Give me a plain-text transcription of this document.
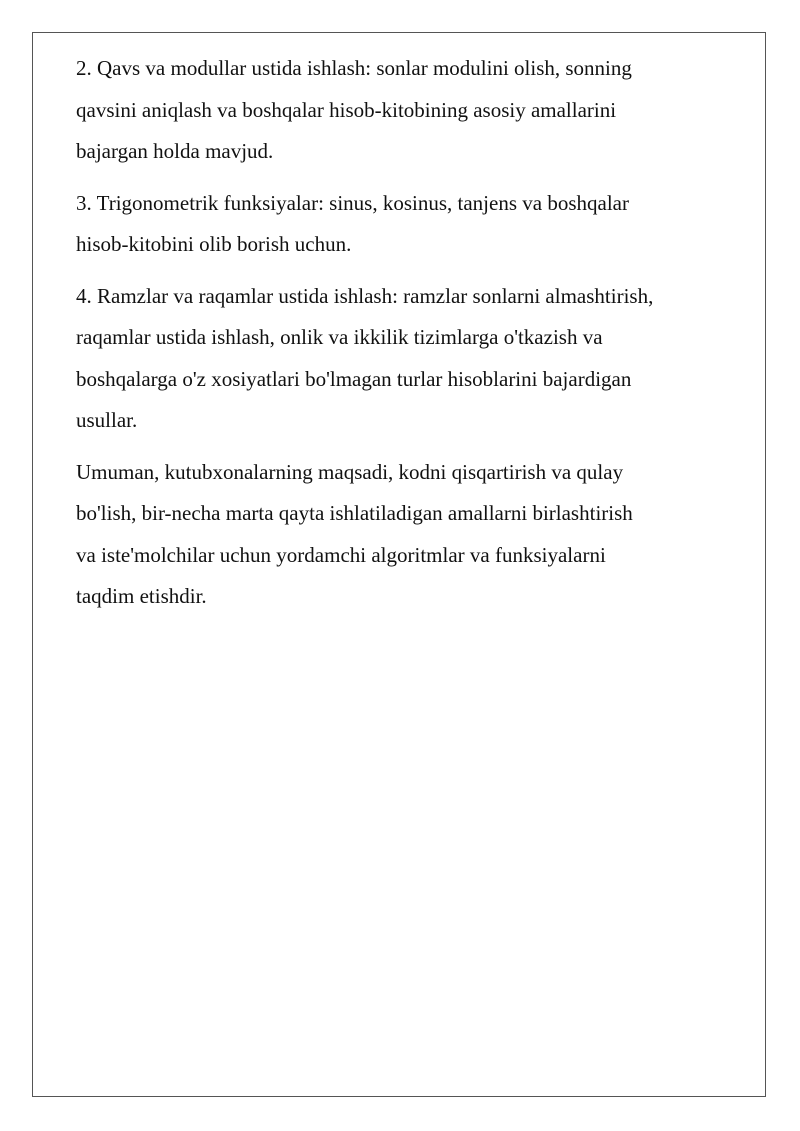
2. Qavs va modullar ustida ishlash: sonlar modulini olish, sonning
qavsini aniqlash va boshqalar hisob-kitobining asosiy amallarini
bajargan holda mavjud.

3. Trigonometrik funksiyalar: sinus, kosinus, tanjens va boshqalar
hisob-kitobini olib borish uchun.

4. Ramzlar va raqamlar ustida ishlash: ramzlar sonlarni almashtirish,
raqamlar ustida ishlash, onlik va ikkilik tizimlarga o'tkazish va
boshqalarga o'z xosiyatlari bo'lmagan turlar hisoblarini bajardigan
usullar.

Umuman, kutubxonalarning maqsadi, kodni qisqartirish va qulay
bo'lish, bir-necha marta qayta ishlatiladigan amallarni birlashtirish
va iste'molchilar uchun yordamchi algoritmlar va funksiyalarni
taqdim etishdir.
